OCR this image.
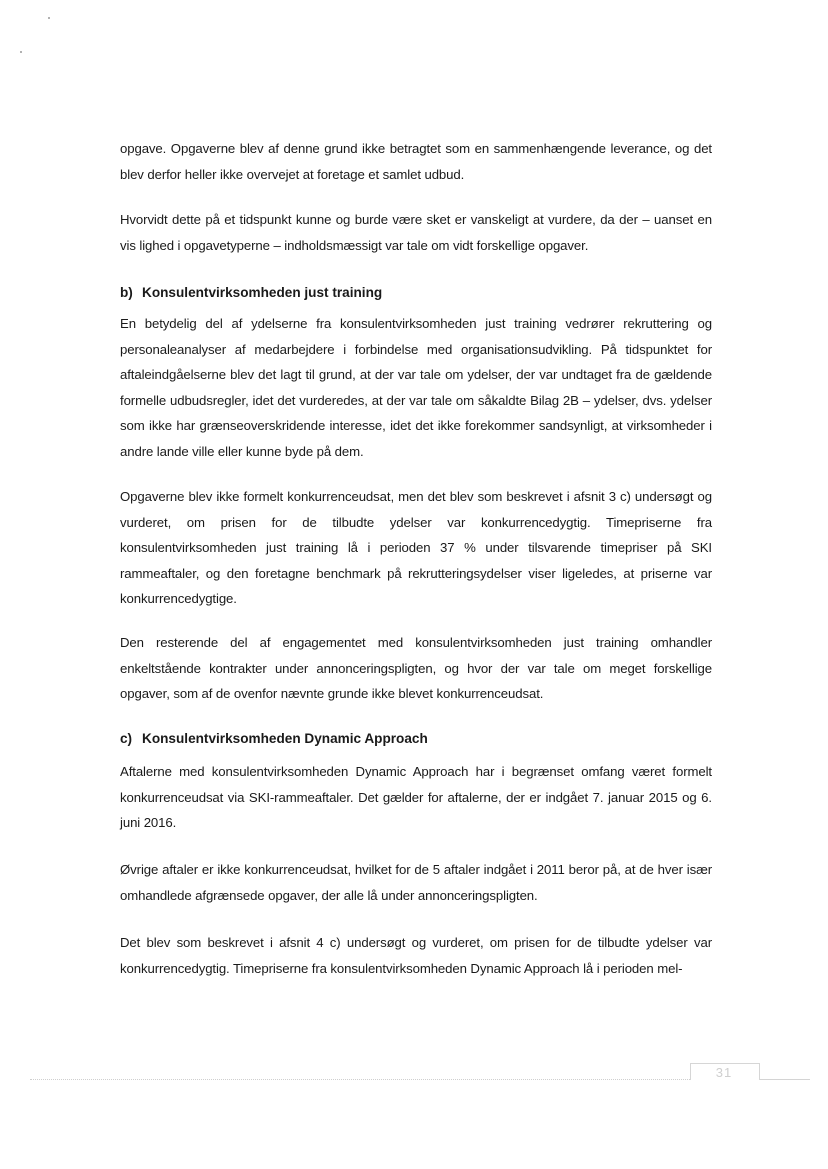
opgave. Opgaverne blev af denne grund ikke betragtet som en sammenhængende leverance, og det blev derfor heller ikke overvejet at foretage et samlet udbud.

Hvorvidt dette på et tidspunkt kunne og burde være sket er vanskeligt at vurdere, da der – uanset en vis lighed i opgavetyperne – indholdsmæssigt var tale om vidt forskellige opgaver.

b) Konsulentvirksomheden just training

En betydelig del af ydelserne fra konsulentvirksomheden just training vedrører rekruttering og personaleanalyser af medarbejdere i forbindelse med organisationsudvikling. På tidspunktet for aftaleindgåelserne blev det lagt til grund, at der var tale om ydelser, der var undtaget fra de gældende formelle udbudsregler, idet det vurderedes, at der var tale om såkaldte Bilag 2B – ydelser, dvs. ydelser som ikke har grænseoverskridende interesse, idet det ikke forekommer sandsynligt, at virksomheder i andre lande ville eller kunne byde på dem.

Opgaverne blev ikke formelt konkurrenceudsat, men det blev som beskrevet i afsnit 3 c) undersøgt og vurderet, om prisen for de tilbudte ydelser var konkurrencedygtig. Timepriserne fra konsulentvirksomheden just training lå i perioden 37 % under tilsvarende timepriser på SKI rammeaftaler, og den foretagne benchmark på rekrutteringsydelser viser ligeledes, at priserne var konkurrencedygtige.

Den resterende del af engagementet med konsulentvirksomheden just training omhandler enkeltstående kontrakter under annonceringspligten, og hvor der var tale om meget forskellige opgaver, som af de ovenfor nævnte grunde ikke blevet konkurrenceudsat.

c) Konsulentvirksomheden Dynamic Approach

Aftalerne med konsulentvirksomheden Dynamic Approach har i begrænset omfang været formelt konkurrenceudsat via SKI-rammeaftaler. Det gælder for aftalerne, der er indgået 7. januar 2015 og 6. juni 2016.

Øvrige aftaler er ikke konkurrenceudsat, hvilket for de 5 aftaler indgået i 2011 beror på, at de hver især omhandlede afgrænsede opgaver, der alle lå under annonceringspligten.

Det blev som beskrevet i afsnit 4 c) undersøgt og vurderet, om prisen for de tilbudte ydelser var konkurrencedygtig. Timepriserne fra konsulentvirksomheden Dynamic Approach lå i perioden mel-

31
